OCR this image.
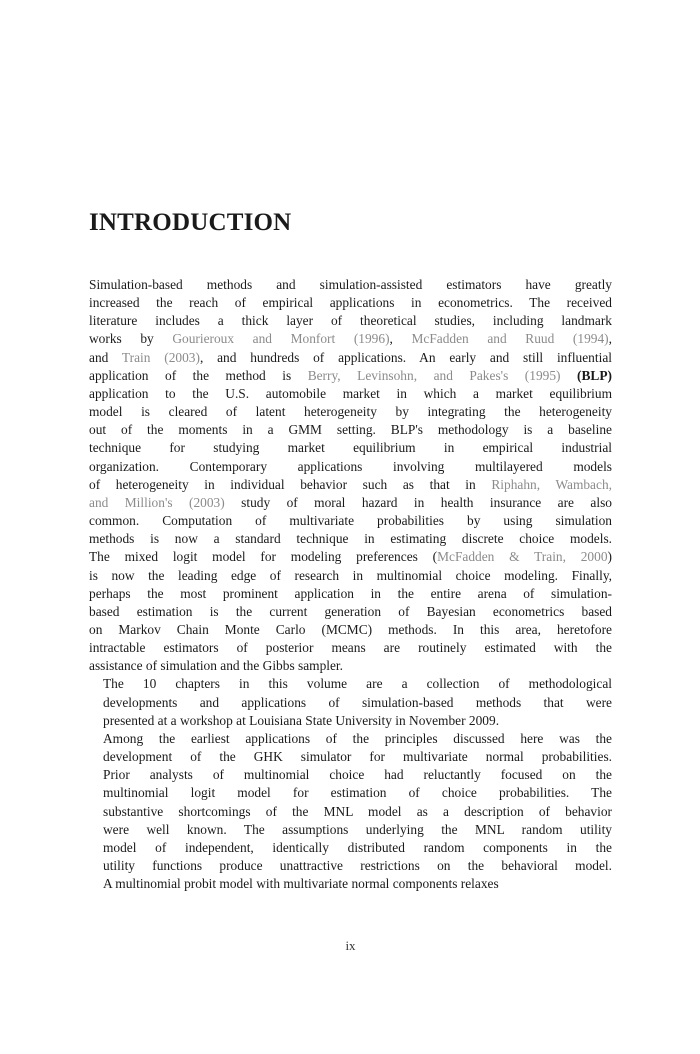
INTRODUCTION

Simulation-based methods and simulation-assisted estimators have greatly
increased the reach of empirical applications in econometrics. The received
literature includes a thick layer of theoretical studies, including landmark
works by Gourieroux and Monfort (1996), McFadden and Ruud (1994),
and Train (2003), and hundreds of applications. An early and still influential
application of the method is Berry, Levinsohn, and Pakes's (1995) (BLP)
application to the U.S. automobile market in which a market equilibrium
model is cleared of latent heterogeneity by integrating the heterogeneity
out of the moments in a GMM setting. BLP's methodology is a baseline
technique for studying market equilibrium in empirical industrial
organization. Contemporary applications involving multilayered models
of heterogeneity in individual behavior such as that in Riphahn, Wambach,
and Million's (2003) study of moral hazard in health insurance are also
common. Computation of multivariate probabilities by using simulation
methods is now a standard technique in estimating discrete choice models.
The mixed logit model for modeling preferences (McFadden & Train, 2000)
is now the leading edge of research in multinomial choice modeling. Finally,
perhaps the most prominent application in the entire arena of simulation-
based estimation is the current generation of Bayesian econometrics based
on Markov Chain Monte Carlo (MCMC) methods. In this area, heretofore
intractable estimators of posterior means are routinely estimated with the
assistance of simulation and the Gibbs sampler.

The 10 chapters in this volume are a collection of methodological
developments and applications of simulation-based methods that were
presented at a workshop at Louisiana State University in November 2009.

Among the earliest applications of the principles discussed here was the
development of the GHK simulator for multivariate normal probabilities.
Prior analysts of multinomial choice had reluctantly focused on the
multinomial logit model for estimation of choice probabilities. The
substantive shortcomings of the MNL model as a description of behavior
were well known. The assumptions underlying the MNL random utility
model of independent, identically distributed random components in the
utility functions produce unattractive restrictions on the behavioral model.
A multinomial probit model with multivariate normal components relaxes

ix
